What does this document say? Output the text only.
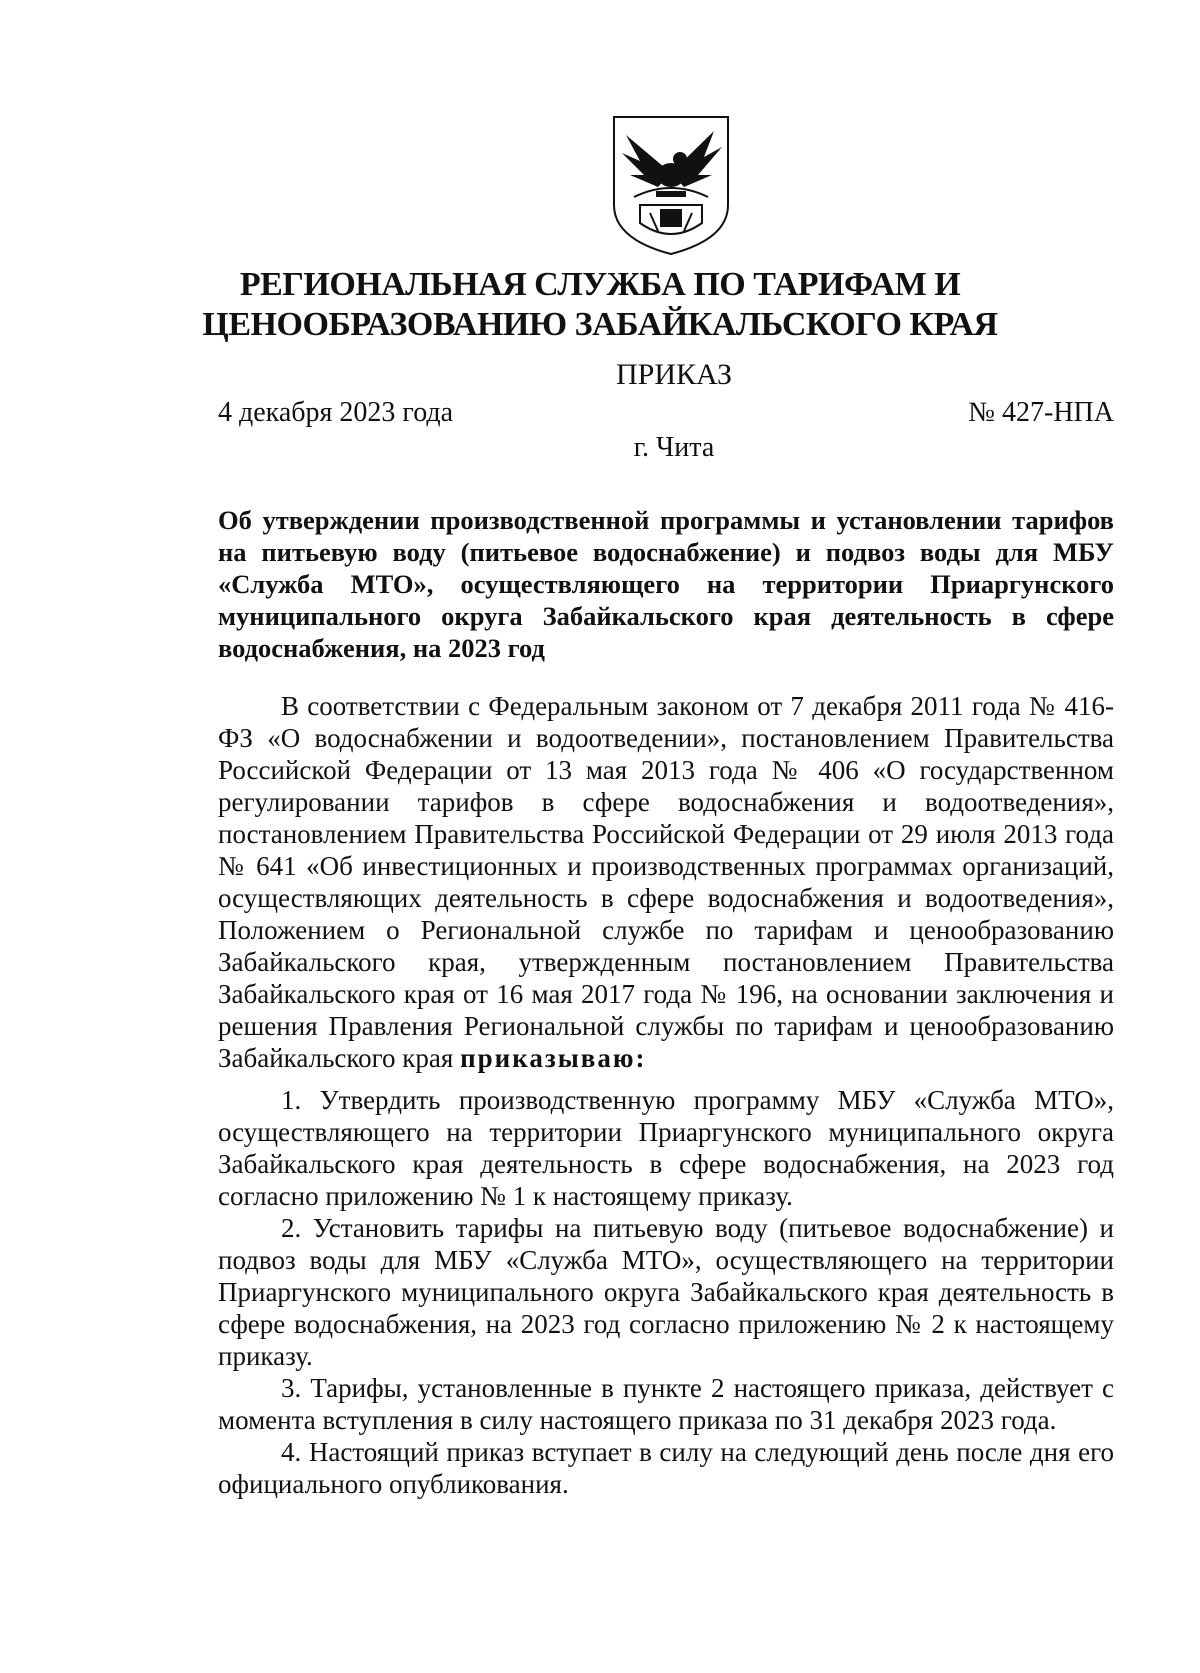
РЕГИОНАЛЬНАЯ СЛУЖБА ПО ТАРИФАМ И
ЦЕНООБРАЗОВАНИЮ ЗАБАЙКАЛЬСКОГО КРАЯ
ПРИКАЗ
4 декабря 2023 года	№ 427-НПА
г. Чита
Об утверждении производственной программы и установлении тарифов на питьевую воду (питьевое водоснабжение) и подвоз воды для МБУ «Служба МТО», осуществляющего на территории Приаргунского муниципального округа Забайкальского края деятельность в сфере водоснабжения, на 2023 год

В соответствии с Федеральным законом от 7 декабря 2011 года № 416-ФЗ «О водоснабжении и водоотведении», постановлением Правительства Российской Федерации от 13 мая 2013 года № 406 «О государственном регулировании тарифов в сфере водоснабжения и водоотведения», постановлением Правительства Российской Федерации от 29 июля 2013 года № 641 «Об инвестиционных и производственных программах организаций, осуществляющих деятельность в сфере водоснабжения и водоотведения», Положением о Региональной службе по тарифам и ценообразованию Забайкальского края, утвержденным постановлением Правительства Забайкальского края от 16 мая 2017 года № 196, на основании заключения и решения Правления Региональной службы по тарифам и ценообразованию Забайкальского края приказываю:

1. Утвердить производственную программу МБУ «Служба МТО», осуществляющего на территории Приаргунского муниципального округа Забайкальского края деятельность в сфере водоснабжения, на 2023 год согласно приложению № 1 к настоящему приказу.

2. Установить тарифы на питьевую воду (питьевое водоснабжение) и подвоз воды для МБУ «Служба МТО», осуществляющего на территории Приаргунского муниципального округа Забайкальского края деятельность в сфере водоснабжения, на 2023 год согласно приложению № 2 к настоящему приказу.

3. Тарифы, установленные в пункте 2 настоящего приказа, действует с момента вступления в силу настоящего приказа по 31 декабря 2023 года.

4. Настоящий приказ вступает в силу на следующий день после дня его официального опубликования.
